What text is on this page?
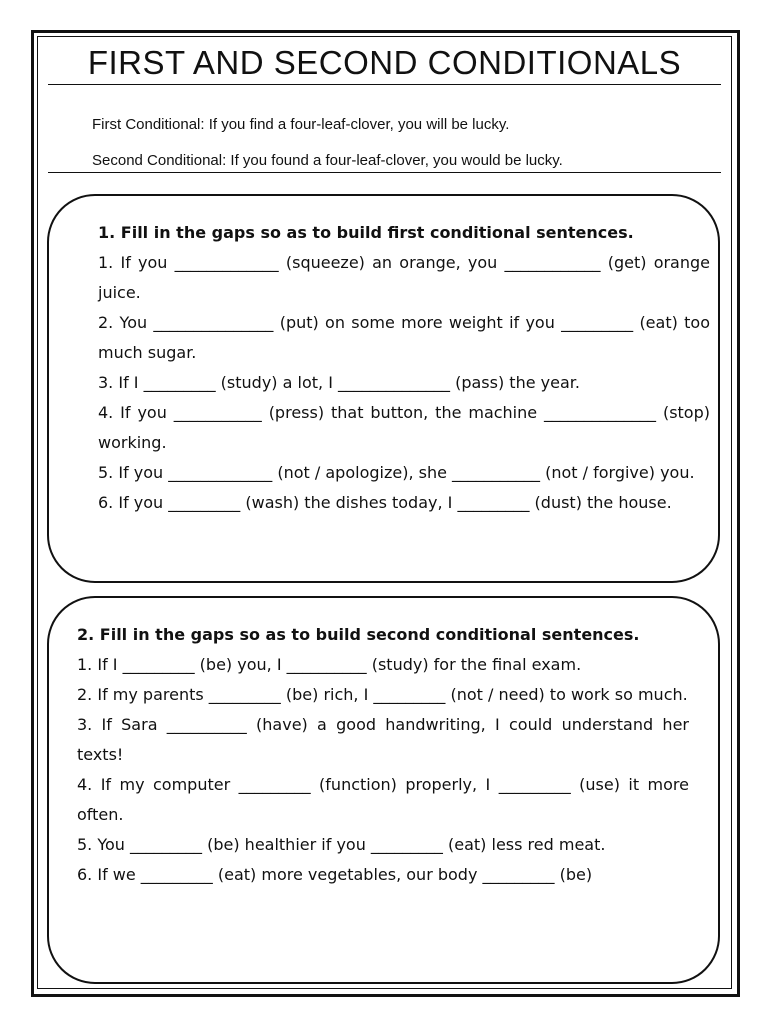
FIRST AND SECOND CONDITIONALS

First Conditional: If you find a four-leaf-clover, you will be lucky.

Second Conditional: If you found a four-leaf-clover, you would be lucky.

1. Fill in the gaps so as to build first conditional sentences.

1. If you _____________ (squeeze) an orange, you ____________ (get) orange juice.

2. You _______________ (put) on some more weight if you _________ (eat) too much sugar.

3. If I _________ (study) a lot, I ______________ (pass) the year.

4. If you ___________ (press) that button, the machine ______________ (stop) working.

5. If you _____________ (not / apologize), she ___________ (not / forgive) you.

6. If you _________ (wash) the dishes today, I _________ (dust) the house.

2. Fill in the gaps so as to build second conditional sentences.

1. If I _________ (be) you, I __________ (study) for the final exam.

2. If my parents _________ (be) rich, I _________ (not / need) to work so much.

3. If Sara __________ (have) a good handwriting, I could understand her texts!

4. If my computer _________ (function) properly, I _________ (use) it more often.

5. You _________ (be) healthier if you _________ (eat) less red meat.

6. If we _________ (eat) more vegetables, our body _________ (be)
